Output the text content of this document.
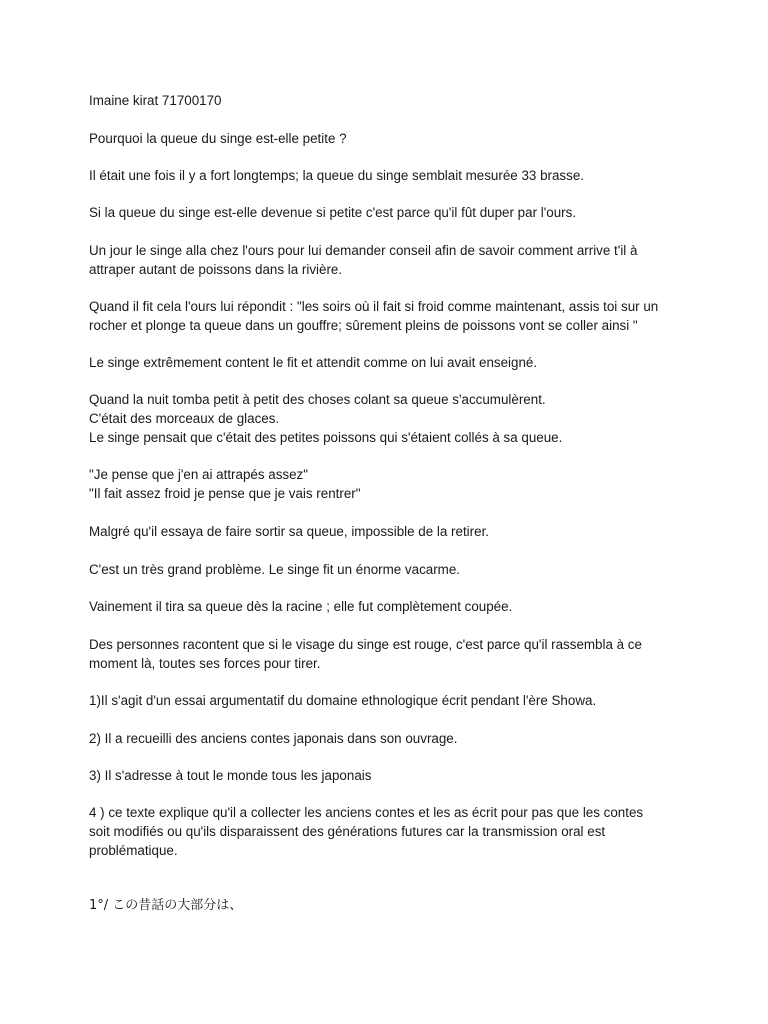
Imaine kirat 71700170

Pourquoi la queue du singe est-elle petite ?

Il était une fois il y a fort longtemps; la queue du singe semblait mesurée 33 brasse.

Si la queue du singe est-elle devenue si petite c'est parce qu'il fût duper par l'ours.

Un jour le singe alla chez l'ours pour lui demander conseil afin de savoir comment arrive t'il à
attraper autant de poissons dans la rivière.

Quand il fit cela l'ours lui répondit : "les soirs où il fait si froid comme maintenant, assis toi sur un
rocher et plonge ta queue dans un gouffre; sûrement pleins de poissons vont se coller ainsi "

Le singe extrêmement content le fit et attendit comme on lui avait enseigné.

Quand la nuit tomba petit à petit des choses colant sa queue s'accumulèrent.
C'était des morceaux de glaces.
Le singe pensait que c'était des petites poissons qui s'étaient collés à sa queue.

"Je pense que j'en ai attrapés assez"
"Il fait assez froid je pense que je vais rentrer"

Malgré qu'il essaya de faire sortir sa queue, impossible de la retirer.

C'est un très grand problème. Le singe fit un énorme vacarme.

Vainement il tira sa queue dès la racine ; elle fut complètement coupée.

Des personnes racontent que si le visage du singe est rouge, c'est parce qu'il rassembla à ce
moment là, toutes ses forces pour tirer.

1)Il s'agit d'un essai argumentatif du domaine ethnologique écrit pendant l'ère Showa.

2) Il a recueilli des anciens contes japonais dans son ouvrage.

3) Il s'adresse à tout le monde tous les japonais

4 ) ce texte explique qu'il a collecter les anciens contes et les as écrit pour pas que les contes
soit modifiés ou qu'ils disparaissent des générations futures car la transmission oral est
problématique.

1°/ この昔話の大部分は、
